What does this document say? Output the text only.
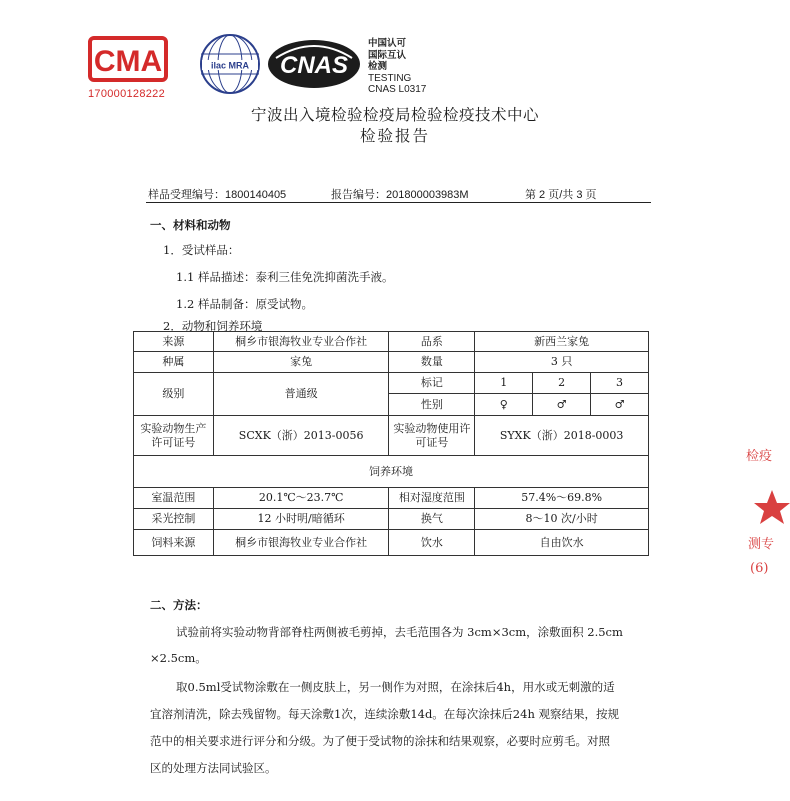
CMA
170000128222
ilac MRA CNAS
中国认可
国际互认
检测
TESTING
CNAS L0317
宁波出入境检验检疫局检验检疫技术中心
检验报告
样品受理编号：1800140405	报告编号：201800003983M	第 2 页/共 3 页
一、材料和动物
1．受试样品：
1.1 样品描述：泰利三佳免洗抑菌洗手液。
1.2 样品制备：原受试物。
2．动物和饲养环境
来源	桐乡市银海牧业专业合作社	品系	新西兰家兔		
种属	家兔	数量	3 只		
级别	普通级	标记	1	2	3
		性别	♀	♂	♂
实验动物生产许可证号	SCXK（浙）2013-0056	实验动物使用许可证号	SYXK（浙）2018-0003		
饲养环境					
室温范围	20.1℃～23.7℃	相对湿度范围	57.4%～69.8%		
采光控制	12 小时明/暗循环	换气	8～10 次/小时		
饲料来源	桐乡市银海牧业专业合作社	饮水	自由饮水		
二、方法：
试验前将实验动物背部脊柱两侧被毛剪掉，去毛范围各为 3cm×3cm，涂敷面积 2.5cm
×2.5cm。
取0.5ml受试物涂敷在一侧皮肤上，另一侧作为对照，在涂抹后4h，用水或无刺激的适
宜溶剂清洗，除去残留物。每天涂敷1次，连续涂敷14d。在每次涂抹后24h 观察结果，按规
范中的相关要求进行评分和分级。为了便于受试物的涂抹和结果观察，必要时应剪毛。对照
区的处理方法同试验区。
检疫
测专
(6)
